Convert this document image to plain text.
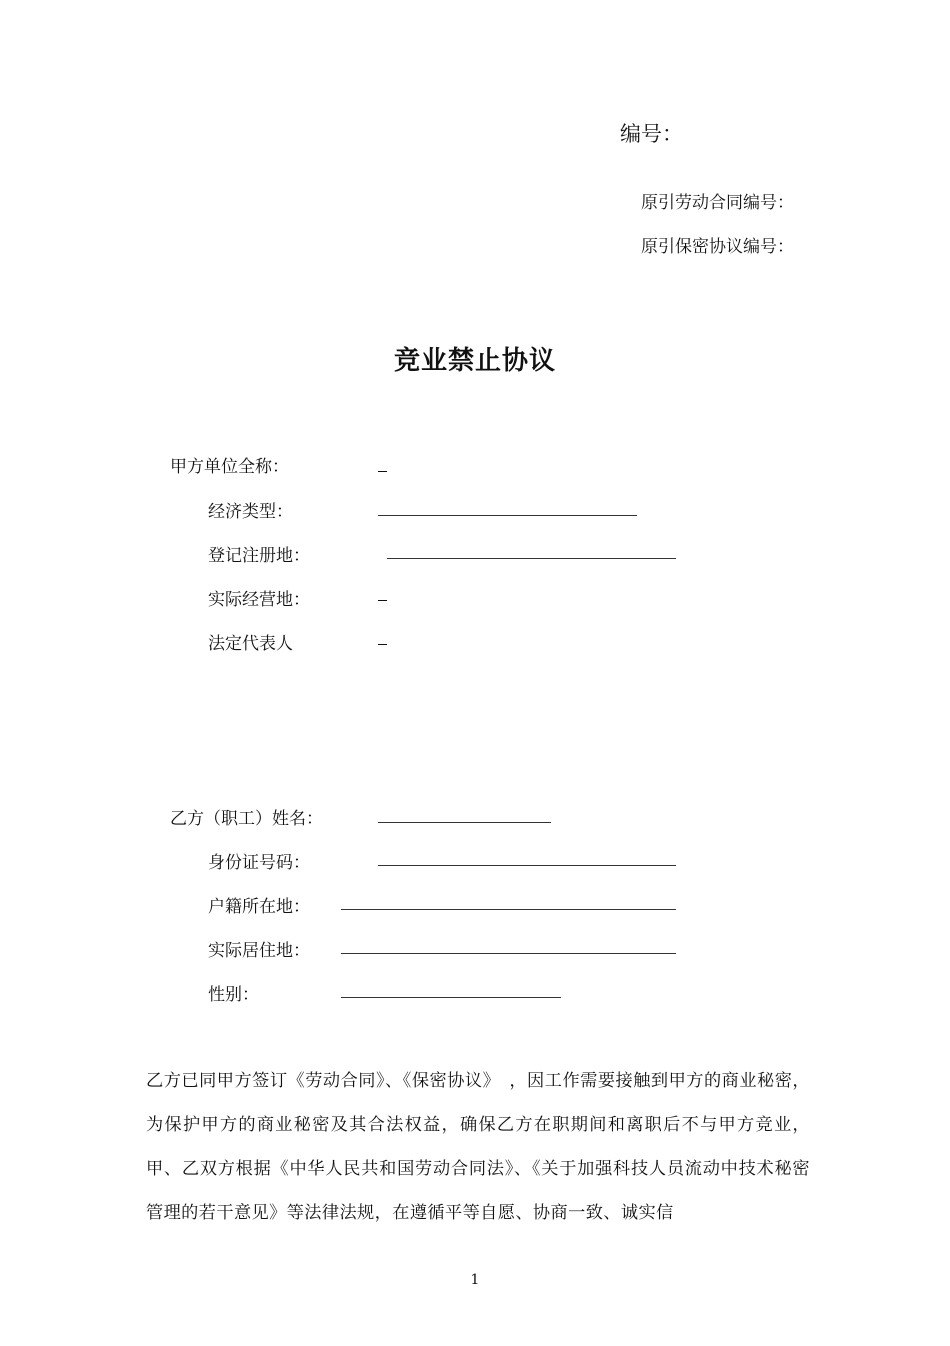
编号：
原引劳动合同编号：
原引保密协议编号：
竞业禁止协议
甲方单位全称：
经济类型：
登记注册地：
实际经营地：
法定代表人
乙方（职工）姓名：
身份证号码：
户籍所在地：
实际居住地：
性别：
乙方已同甲方签订《劳动合同》、《保密协议》　，因工作需要接触到甲方的商业秘密，为保护甲方的商业秘密及其合法权益，确保乙方在职期间和离职后不与甲方竞业，甲、乙双方根据《中华人民共和国劳动合同法》、《关于加强科技人员流动中技术秘密管理的若干意见》等法律法规，在遵循平等自愿、协商一致、诚实信
1
